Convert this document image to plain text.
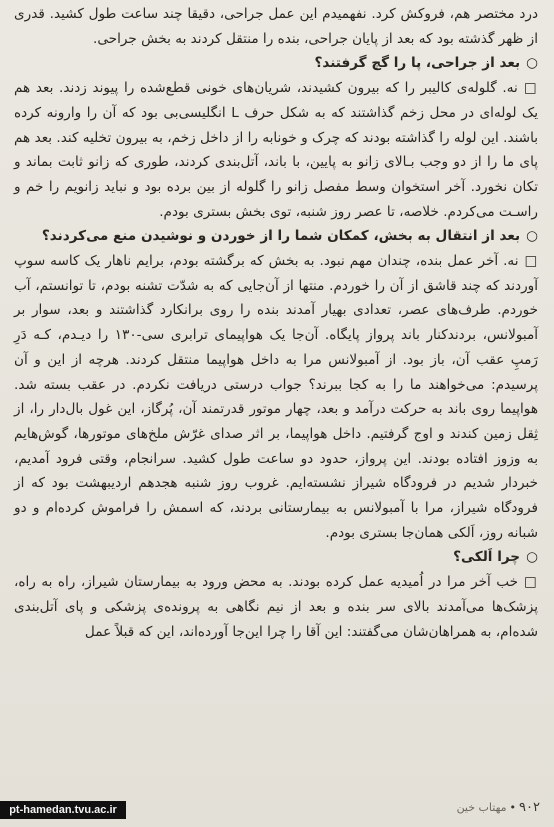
درد مختصر هم، فروکش کرد. نفهمیدم این عمل جراحی، دقیقا چند ساعت طول کشید. قدری از ظهر گذشته بود که بعد از پایان جراحی، بنده را منتقل کردند به بخش جراحی.

○بعد از جراحی، پا را گچ گرفتند؟

□نه. گلوله‌ی کالیبر را که بیرون کشیدند، شریان‌های خونی قطع‌شده را پیوند زدند. بعد هم یک لوله‌ای در محل زخم گذاشتند که به شکل حرف L انگلیسی‌بی بود که آن را وارونه کرده باشند. این لوله را گذاشته بودند که چرک و خونابه را از داخل زخم، به بیرون تخلیه کند. بعد هم پای ما را از دو وجب بـالای زانو به پایین، با باند، آتل‌بندی کردند، طوری که زانو ثابت بماند و تکان نخورد. آخر استخوان وسط مفصل زانو را گلوله از بین برده بود و نباید زانویم را خم و راسـت می‌کردم. خلاصه، تا عصر روز شنبه، توی بخش بستری بودم.

○بعد از انتقال به بخش، کمکان شما را از خوردن و نوشیدن منع می‌کردند؟

□نه. آخر عمل بنده، چندان مهم نبود. به بخش که برگشته بودم، برایم ناهار یک کاسه سوپ آوردند که چند قاشق از آن را خوردم. منتها از آن‌جایی که به شدّت تشنه بودم، تا توانستم، آب خوردم. طرف‌های عصر، تعدادی بهیار آمدند بنده را روی برانکارد گذاشتند و بعد، سوار بر آمبولانس، بردندکنار باند پرواز پایگاه. آن‌جا یک هواپیمای ترابری سی-۱۳۰ را دیـدم، کـه دَرِ رَمپِ عقب آن، باز بود. از آمبولانس مرا به داخل هواپیما منتقل کردند. هرچه از این و آن پرسیدم: می‌خواهند ما را به کجا ببرند؟ جواب درستی دریافت نکردم. در عقب بسته شد. هواپیما روی باند به حرکت درآمد و بعد، چهار موتور قدرتمند آن، پُرگاز، این غول بال‌دار را، از ثِقل زمین کندند و اوج گرفتیم. داخل هواپیما، بر اثر صدای غرّش ملخ‌های موتورها، گوش‌هایم به وزوز افتاده بودند. این پرواز، حدود دو ساعت طول کشید. سرانجام، وقتی فرود آمدیم، خبردار شدیم در فرودگاه شیراز نشسته‌ایم. غروب روز شنبه هجدهم اردیبهشت بود که از فرودگاه شیراز، مرا با آمبولانس به بیمارستانی بردند، که اسمش را فراموش کرده‌ام و دو شبانه روز، اَلکی همان‌جا بستری بودم.

○چرا اَلکی؟

□خب آخر مرا در اُمیدیه عمل کرده بودند. به محض ورود به بیمارستان شیراز، راه به راه، پزشک‌ها می‌آمدند بالای سر بنده و بعد از نیم نگاهی به پرونده‌ی پزشکی و پای آتل‌بندی شده‌ام، به همراهان‌شان می‌گفتند: این آقا را چرا این‌جا آورده‌اند، این که قبلاً عمل

۹۰۲•مهتاب خین
pt-hamedan.tvu.ac.ir
